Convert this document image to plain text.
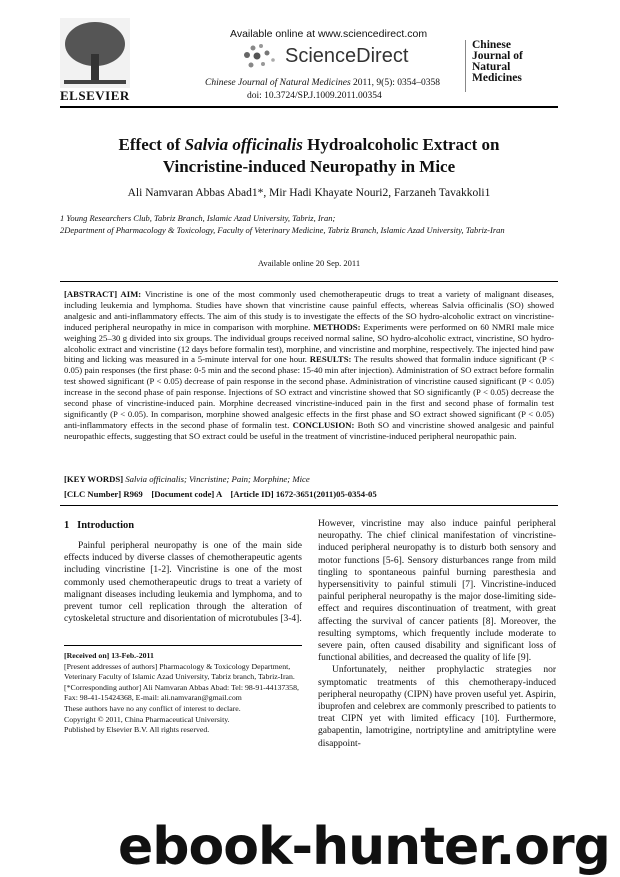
ELSEVIER
Available online at www.sciencedirect.com
ScienceDirect
Chinese Journal of Natural Medicines 2011, 9(5): 0354–0358
doi: 10.3724/SP.J.1009.2011.00354
Chinese
Journal of
Natural
Medicines
Effect of Salvia officinalis Hydroalcoholic Extract on
Vincristine-induced Neuropathy in Mice
Ali Namvaran Abbas Abad1*, Mir Hadi Khayate Nouri2, Farzaneh Tavakkoli1
1 Young Researchers Club, Tabriz Branch, Islamic Azad University, Tabriz, Iran;
2Department of Pharmacology & Toxicology, Faculty of Veterinary Medicine, Tabriz Branch, Islamic Azad University, Tabriz-Iran
Available online 20 Sep. 2011
[ABSTRACT] AIM: Vincristine is one of the most commonly used chemotherapeutic drugs to treat a variety of malignant diseases, including leukemia and lymphoma. Studies have shown that vincristine cause painful effects, whereas Salvia officinalis (SO) showed analgesic and anti-inflammatory effects. The aim of this study is to investigate the effects of the SO hydro-alcoholic extract on vincristine-induced peripheral neuropathy in mice in comparison with morphine. METHODS: Experiments were performed on 60 NMRI male mice weighing 25–30 g divided into six groups. The individual groups received normal saline, SO hydro-alcoholic extract, vincristine, SO hydro-alcoholic extract and vincristine (12 days before formalin test), morphine, and vincristine and morphine, respectively. The injected hind paw biting and licking was measured in a 5-minute interval for one hour. RESULTS: The results showed that formalin induce significant (P < 0.05) pain responses (the first phase: 0-5 min and the second phase: 15-40 min after injection). Administration of SO extract before formalin test showed significant (P < 0.05) decrease of pain response in the second phase. Administration of vincristine caused significant (P < 0.05) increase in the second phase of pain response. Injections of SO extract and vincristine showed that SO significantly (P < 0.05) decrease the second phase of vincristine-induced pain. Morphine decreased vincristine-induced pain in the first and second phase of formalin test significantly (P < 0.05). In comparison, morphine showed analgesic effects in the first phase and SO extract showed significant (P < 0.05) anti-inflammatory effects in the second phase of formalin test. CONCLUSION: Both SO and vincristine showed analgesic and painful neuropathic effects, suggesting that SO extract could be useful in the treatment of vincristine-induced peripheral neuropathic pain.
[KEY WORDS] Salvia officinalis; Vincristine; Pain; Morphine; Mice
[CLC Number] R969    [Document code] A    [Article ID] 1672-3651(2011)05-0354-05
1   Introduction

Painful peripheral neuropathy is one of the main side effects induced by diverse classes of chemotherapeutic agents including vincristine [1-2]. Vincristine is one of the most commonly used chemotherapeutic drugs to treat a variety of malignant diseases including leukemia and lymphoma, and to prevent tumor cell replication through the alteration of cytoskeletal structure and disorientation of microtubules [3-4].

[Received on] 13-Feb.-2011

[Present addresses of authors] Pharmacology & Toxicology Department, Veterinary Faculty of Islamic Azad University, Tabriz branch, Tabriz-Iran.

[*Corresponding author] Ali Namvaran Abbas Abad: Tel: 98-91-44137358, Fax: 98-41-15424368, E-mail: ali.namvaran@gmail.com

These authors have no any conflict of interest to declare.

Copyright © 2011, China Pharmaceutical University.

Published by Elsevier B.V. All rights reserved.

However, vincristine may also induce painful peripheral neuropathy. The chief clinical manifestation of vincristine-induced peripheral neuropathy is to disturb both sensory and motor functions [5-6]. Sensory disturbances range from mild tingling to spontaneous painful burning paresthesia and hypersensitivity to painful stimuli [7]. Vincristine-induced painful peripheral neuropathy is the major dose-limiting side-effect and requires discontinuation of treatment, with great affecting the survival of cancer patients [8]. Moreover, the resulting symptoms, which frequently include moderate to severe pain, often caused disability and significant loss of functional abilities, and decreased the quality of life [9].

Unfortunately, neither prophylactic strategies nor symptomatic treatments of this chemotherapy-induced peripheral neuropathy (CIPN) have proven useful yet. Aspirin, ibuprofen and celebrex are commonly prescribed to patients to treat CIPN yet with limited efficacy [10]. Furthermore, gabapentin, lamotrigine, nortriptyline and amitriptyline were disappoint-

ebook-hunter.org
